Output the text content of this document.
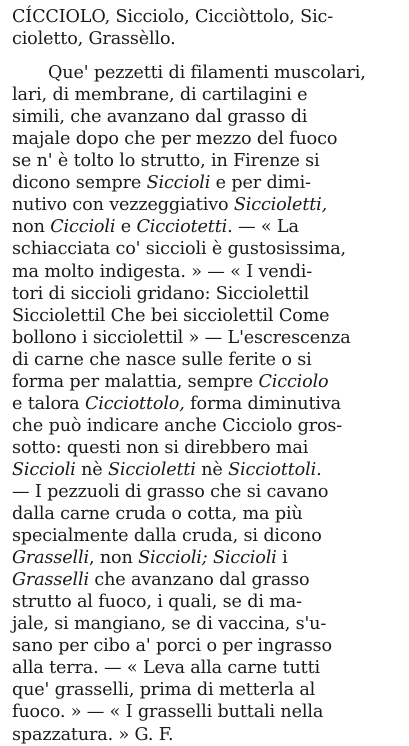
CÍCCIOLO, Sicciolo, Cicciòttolo, Sic-
cioletto, Grassèllo.
Que' pezzetti di filamenti muscolari,
lari, di membrane, di cartilagini e
simili, che avanzano dal grasso di
majale dopo che per mezzo del fuoco
se n' è tolto lo strutto, in Firenze si
dicono sempre Siccioli e per dimi-
nutivo con vezzeggiativo Siccioletti,
non Ciccioli e Cicciotetti. — « La
schiacciata co' siccioli è gustosissima,
ma molto indigesta. » — « I vendi-
tori di siccioli gridano: Sicciolettil
Sicciolettil Che bei sicciolettil Come
bollono i sicciolettil » — L'escrescenza
di carne che nasce sulle ferite o si
forma per malattia, sempre Cicciolo
e talora Cicciottolo, forma diminutiva
che può indicare anche Cicciolo gros-
sotto: questi non si direbbero mai
Siccioli nè Siccioletti nè Sicciottoli.
— I pezzuoli di grasso che si cavano
dalla carne cruda o cotta, ma più
specialmente dalla cruda, si dicono
Grasselli, non Siccioli; Siccioli i
Grasselli che avanzano dal grasso
strutto al fuoco, i quali, se di ma-
jale, si mangiano, se di vaccina, s'u-
sano per cibo a' porci o per ingrasso
alla terra. — « Leva alla carne tutti
que' grasselli, prima di metterla al
fuoco. » — « I grasselli buttali nella
spazzatura. » G. F.
